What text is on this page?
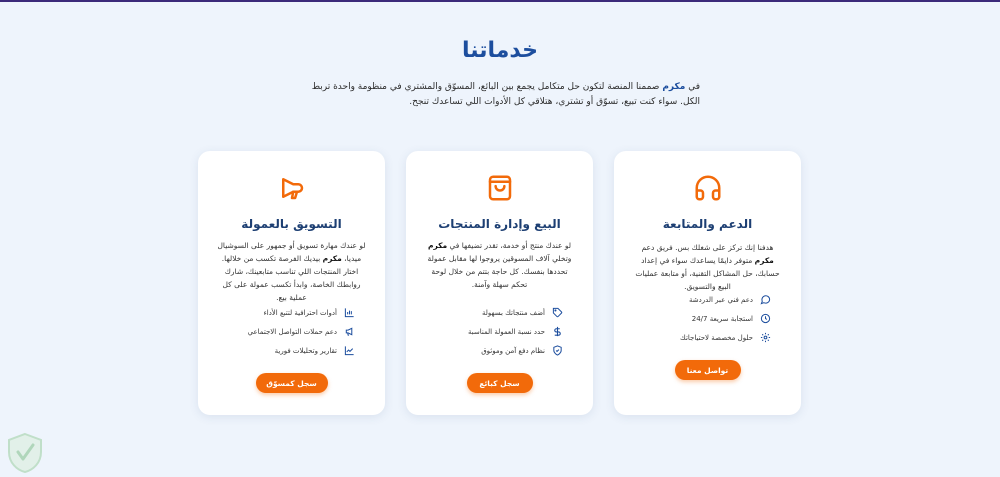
خدماتنا

في مكرم صممنا المنصة لتكون حل متكامل يجمع بين البائع، المسوّق والمشتري في منظومة واحدة تربط الكل. سواء كنت تبيع، تسوّق أو تشتري، هتلاقي كل الأدوات اللي تساعدك تنجح.

الدعم والمتابعة

هدفنا إنك تركز على شغلك بس. فريق دعم مكرم متوفر دايمًا يساعدك سواء في إعداد حسابك، حل المشاكل التقنية، أو متابعة عمليات البيع والتسويق.

دعم فني عبر الدردشة
استجابة سريعة 24/7
حلول مخصصة لاحتياجاتك
تواصل معنا
البيع وإدارة المنتجات

لو عندك منتج أو خدمة، تقدر تضيفها في مكرم وتخلي آلاف المسوقين يروجوا لها مقابل عمولة تحددها بنفسك. كل حاجة بتتم من خلال لوحة تحكم سهلة وآمنة.

أضف منتجاتك بسهولة
حدد نسبة العمولة المناسبة
نظام دفع آمن وموثوق
سجل كبائع
التسويق بالعمولة

لو عندك مهارة تسويق أو جمهور على السوشيال ميديا، مكرم بيديك الفرصة تكسب من خلالها. اختار المنتجات اللي تناسب متابعينك، شارك روابطك الخاصة، وابدأ تكسب عمولة على كل عملية بيع.

أدوات احترافية لتتبع الأداء
دعم حملات التواصل الاجتماعي
تقارير وتحليلات فورية
سجل كمسوّق
